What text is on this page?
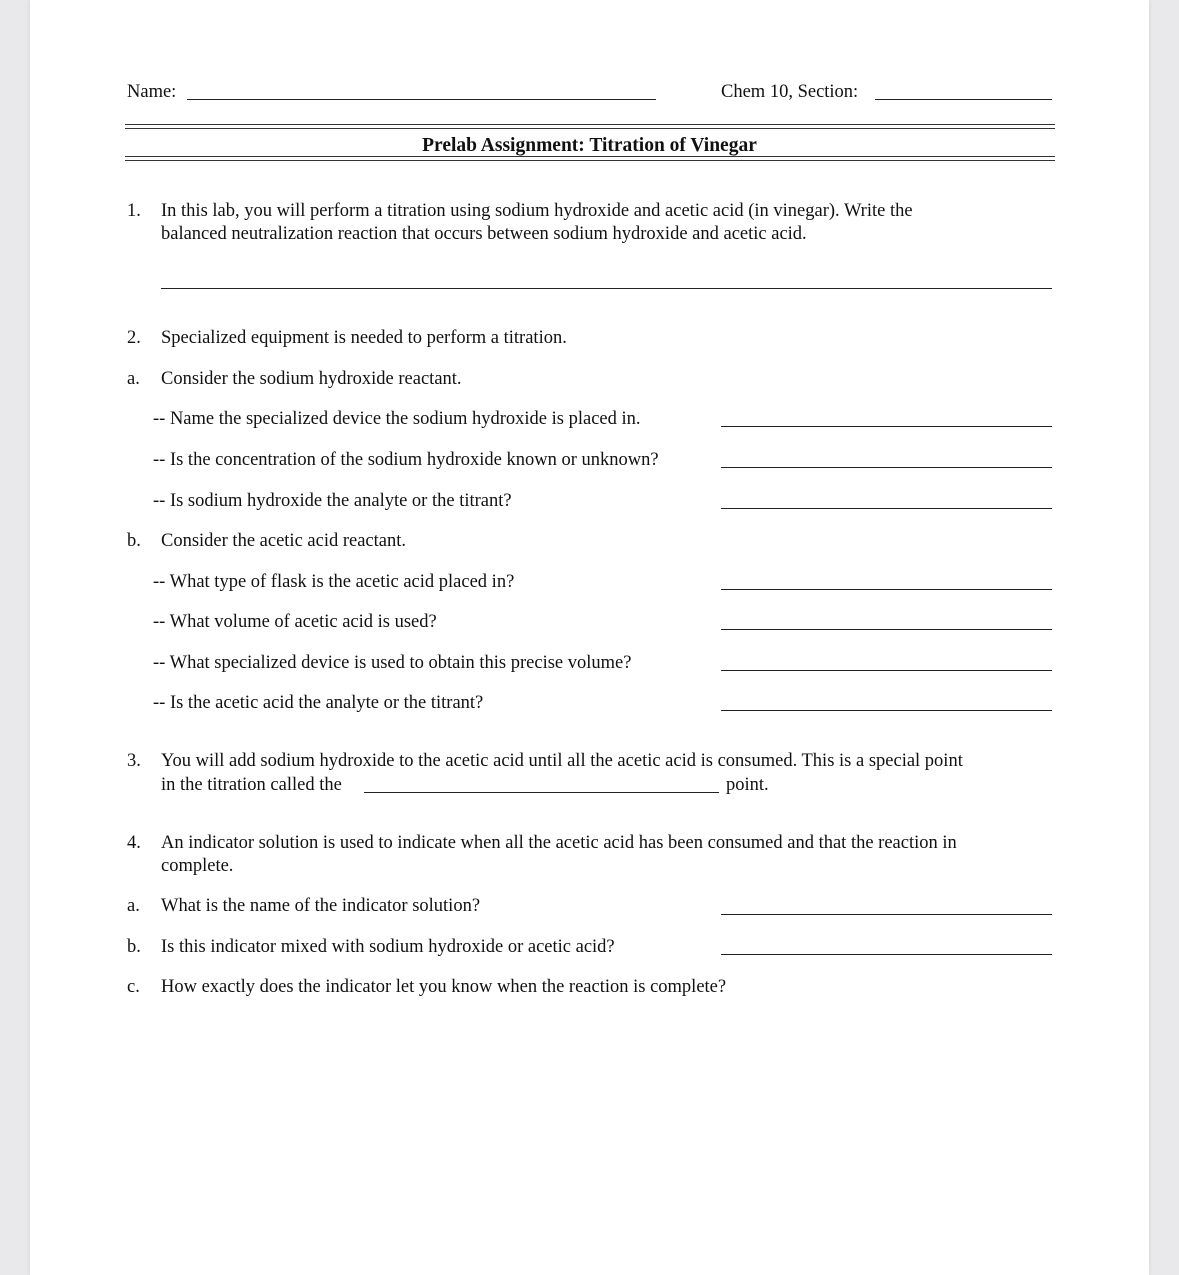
Name:	Chem 10, Section:
Prelab Assignment: Titration of Vinegar
1. In this lab, you will perform a titration using sodium hydroxide and acetic acid (in vinegar). Write the
balanced neutralization reaction that occurs between sodium hydroxide and acetic acid.
2. Specialized equipment is needed to perform a titration.
a. Consider the sodium hydroxide reactant.
-- Name the specialized device the sodium hydroxide is placed in.
-- Is the concentration of the sodium hydroxide known or unknown?
-- Is sodium hydroxide the analyte or the titrant?
b. Consider the acetic acid reactant.
-- What type of flask is the acetic acid placed in?
-- What volume of acetic acid is used?
-- What specialized device is used to obtain this precise volume?
-- Is the acetic acid the analyte or the titrant?
3. You will add sodium hydroxide to the acetic acid until all the acetic acid is consumed. This is a special point
in the titration called the	point.
4. An indicator solution is used to indicate when all the acetic acid has been consumed and that the reaction in
complete.
a. What is the name of the indicator solution?
b. Is this indicator mixed with sodium hydroxide or acetic acid?
c. How exactly does the indicator let you know when the reaction is complete?
